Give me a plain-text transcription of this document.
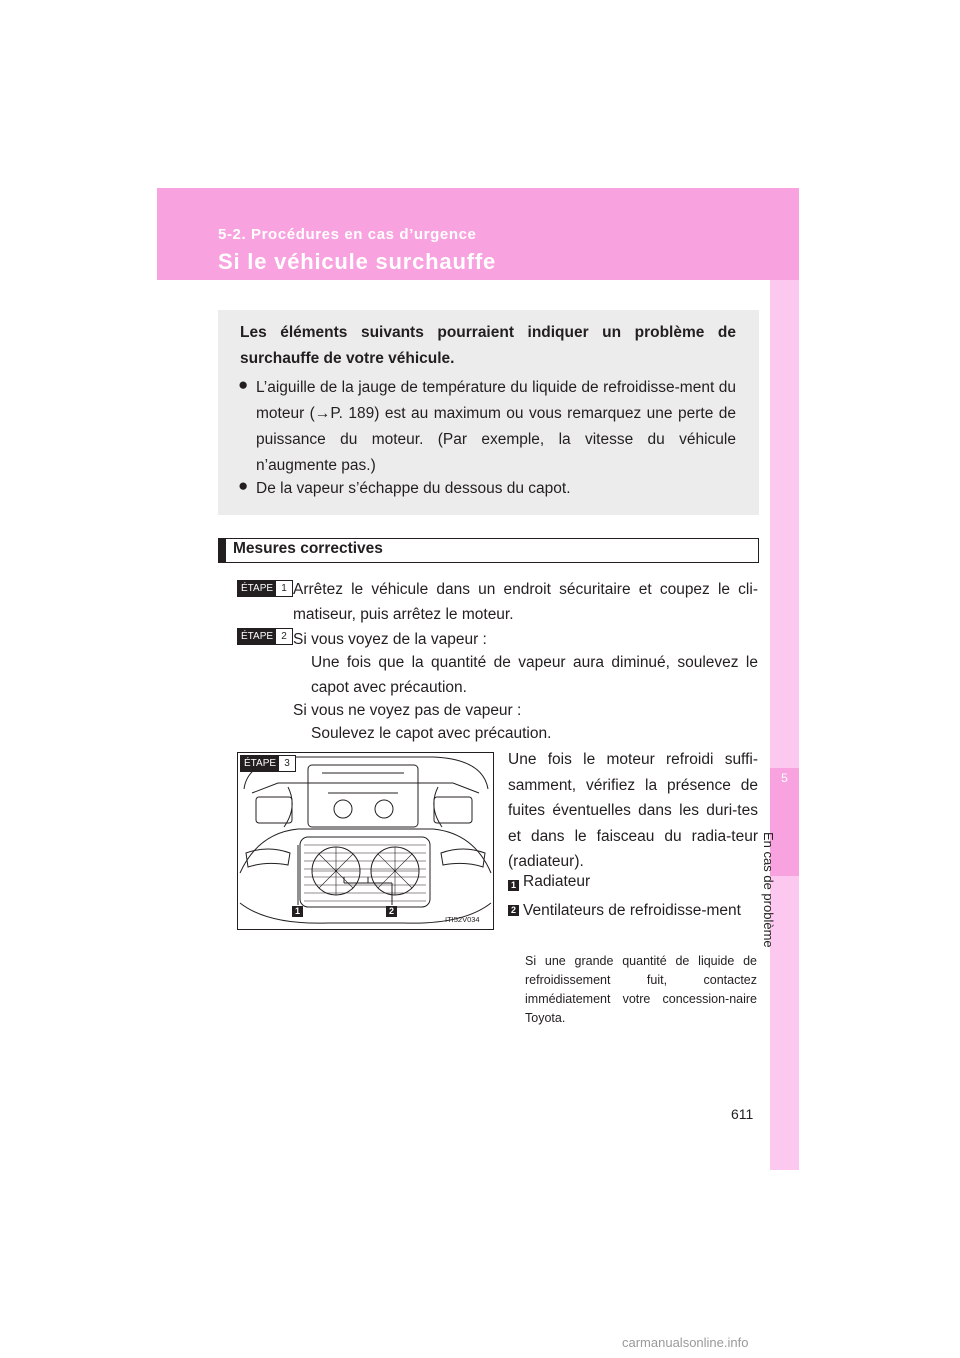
5-2. Procédures en cas d’urgence
Si le véhicule surchauffe
5
En cas de problème
Les éléments suivants pourraient indiquer un problème de surchauffe de votre véhicule.
● L’aiguille de la jauge de température du liquide de refroidisse-ment du moteur (→P. 189) est au maximum ou vous remarquez une perte de puissance du moteur. (Par exemple, la vitesse du véhicule n’augmente pas.)
● De la vapeur s’échappe du dessous du capot.
Mesures correctives
ÉTAPE 1 Arrêtez le véhicule dans un endroit sécuritaire et coupez le cli-matiseur, puis arrêtez le moteur.
ÉTAPE 2 Si vous voyez de la vapeur :
Une fois que la quantité de vapeur aura diminué, soulevez le capot avec précaution.
Si vous ne voyez pas de vapeur :
Soulevez le capot avec précaution.
ÉTAPE 3
1	2
ITI52V034
Une fois le moteur refroidi suffi-samment, vérifiez la présence de fuites éventuelles dans les duri-tes et dans le faisceau du radia-teur (radiateur).
1 Radiateur
2 Ventilateurs de refroidisse-ment
Si une grande quantité de liquide de refroidissement fuit, contactez immédiatement votre concession-naire Toyota.
611
carmanualsonline.info
